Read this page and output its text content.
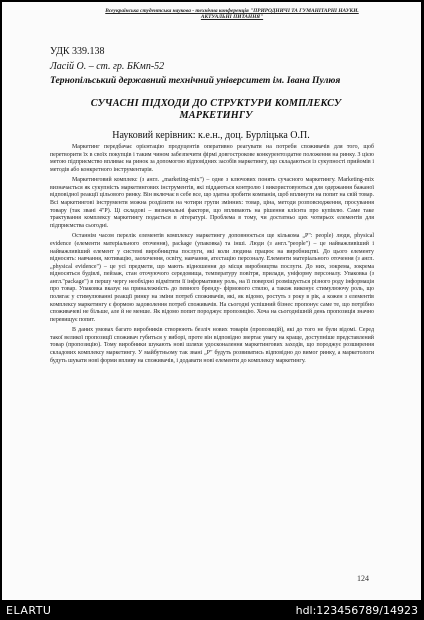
Всеукраїнська студентська наукова - технічна конференція "ПРИРОДНИЧІ ТА ГУМАНІТАРНІ НАУКИ.
АКТУАЛЬНІ ПИТАННЯ"
УДК 339.138
Ласій О. – ст. гр. БКмп-52
Тернопільський державний технічний університет ім. Івана Пулюя
СУЧАСНІ ПІДХОДИ ДО СТРУКТУРИ КОМПЛЕКСУ
МАРКЕТИНГУ
Науковий керівник: к.е.н., доц. Бурліцька О.П.

Маркетинг передбачає орієнтацію продуцентів оперативно реагувати на потреби споживачів для того, щоб перетворити їх в своїх покупців і таким чином забезпечити фірмі довгострокове конкурентоздатне положення на ринку. З цією метою підприємство впливає на ринок за допомогою відповідних засобів маркетингу, що складаються із сукупності прийомів і методів або конкретного інструментарія.

Маркетинговий комплекс (з англ. „marketing-mix") – одне з ключових понять сучасного маркетингу. Marketing-mix визначається як сукупність маркетингових інструментів, які піддаються контролю і використовуються для одержання бажаної відповідної реакції цільового ринку. Він включає в себе все, що здатна зробити компанія, щоб вплинути на попит на свій товар. Всі маркетингові інструменти можна розділити на чотири групи змінних: товар, ціна, методи розповсюдження, просування товару (так звані 4"P). Ці складові – визначальні фактори, що впливають на рішення клієнта про купівлю. Саме таке трактування комплексу маркетингу подається в літературі. Проблема в тому, чи достатньо цих чотирьох елементів для підприємства сьогодні.

Останнім часом перелік елементів комплексу маркетингу доповнюється ще кількома „P": people) люди, physical evidence (елементи матеріального оточення), package (упаковка) та інші. Люди (з англ."people") – це найважливіший і найважливіший елемент у системі виробництва послуги, які коли людина працює на виробництві. До цього елементу відносять: навчання, мотивацію, заохочення, освіту, навчання, атестацію персоналу. Елементи матеріального оточення (з англ. „physical evidence") – це усі предмети, що мають відношення до місця виробництва послуги. До них, зокрема, зокрема відносяться будівлі, пейзаж, стан оточуючого середовища, температуру повітря, прилади, уніформу персоналу. Упаковка (з англ."package") в першу чергу необхідно відмітити її інформативну роль, на її поверхні розміщується різного роду інформація про товар. Упаковка вказує на приналежність до певного бренду- фірмового стилю, а також виконує стимулюючу роль, що полягає у стимулюванні реакції ринку на зміни потреб споживачів, які, як відомо, ростуть з року в рік, а кожен з елементів комплексу маркетингу є формою задоволення потреб споживачів. На сьогодні успішний бізнес пропонує саме те, що потрібно споживачеві не більше, але й не менше. Як відомо попит породжує пропозицію. Хоча на сьогоднішній день пропозиція значно перевищує попит.

В даних умовах багато виробників створюють безліч нових товарів (пропозицій), які до того не були відомі. Серед такої великої пропозиції споживач губиться у виборі, проте він відповідно звертає увагу на краще, доступніше представлений товар (пропозицію). Тому виробники шукають нові шляхи удосконалення маркетингових заходів, що породжує розширення складових комплексу маркетингу. У майбутньому так звані „P" будуть розвиватись відповідно до вимог ринку, а маркетологи будуть шукати нові форми впливу на споживачів, і додавати нові елементи до комплексу маркетингу.

124
ELARTU	hdl:123456789/14923
